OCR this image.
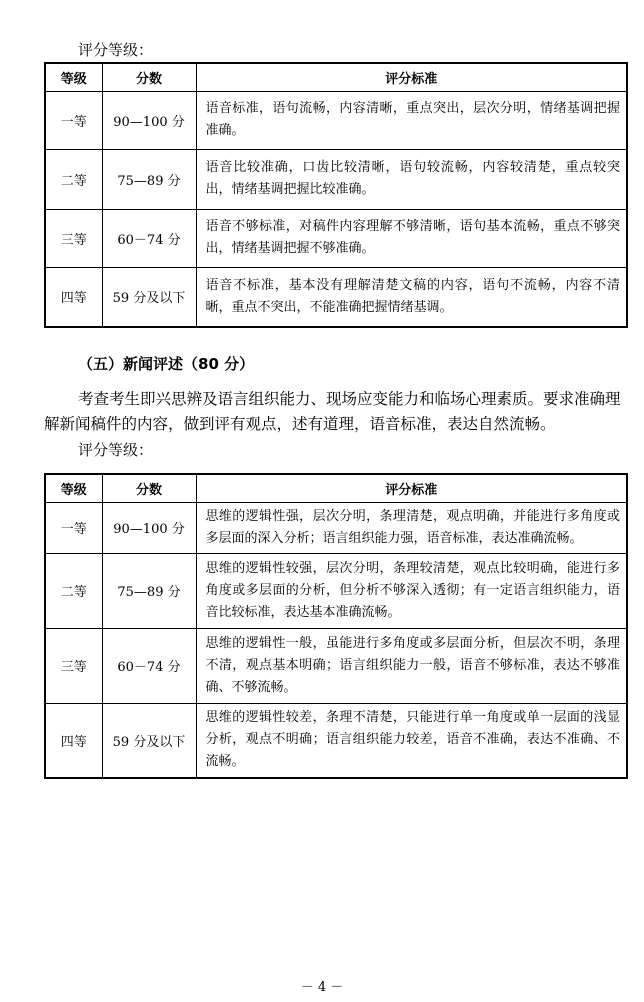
评分等级：
等级	分数	评分标准
一等	90—100 分	语音标准，语句流畅，内容清晰，重点突出，层次分明，情绪基调把握准确。
二等	75—89 分	语音比较准确，口齿比较清晰，语句较流畅，内容较清楚，重点较突出，情绪基调把握比较准确。
三等	60－74 分	语音不够标准，对稿件内容理解不够清晰，语句基本流畅，重点不够突出，情绪基调把握不够准确。
四等	59 分及以下	语音不标准，基本没有理解清楚文稿的内容，语句不流畅，内容不清晰，重点不突出，不能准确把握情绪基调。
（五）新闻评述（80 分）
考查考生即兴思辨及语言组织能力、现场应变能力和临场心理素质。要求准确理解新闻稿件的内容，做到评有观点，述有道理，语音标准，表达自然流畅。
评分等级：
等级	分数	评分标准
一等	90—100 分	思维的逻辑性强，层次分明，条理清楚，观点明确，并能进行多角度或多层面的深入分析；语言组织能力强，语音标准，表达准确流畅。
二等	75—89 分	思维的逻辑性较强，层次分明，条理较清楚，观点比较明确，能进行多角度或多层面的分析，但分析不够深入透彻；有一定语言组织能力，语音比较标准，表达基本准确流畅。
三等	60－74 分	思维的逻辑性一般，虽能进行多角度或多层面分析，但层次不明，条理不清，观点基本明确；语言组织能力一般，语音不够标准，表达不够准确、不够流畅。
四等	59 分及以下	思维的逻辑性较差，条理不清楚，只能进行单一角度或单一层面的浅显分析，观点不明确；语言组织能力较差，语音不准确，表达不准确、不流畅。
－ 4 －
